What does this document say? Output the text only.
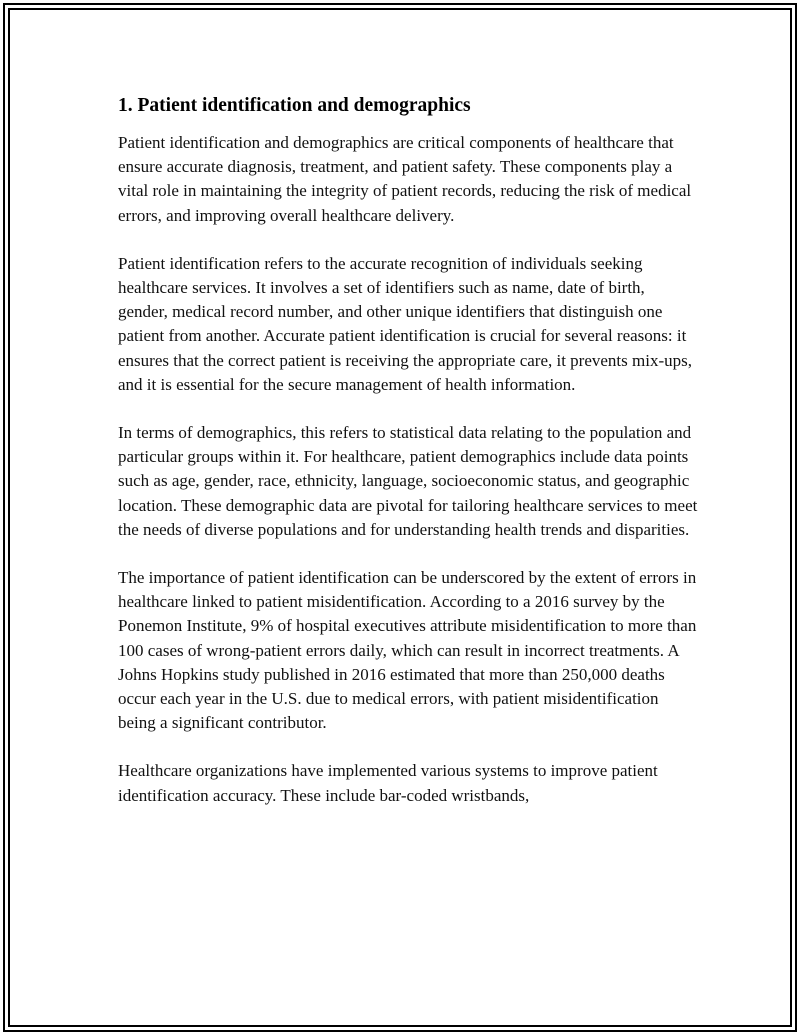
1. Patient identification and demographics

Patient identification and demographics are critical components of healthcare that ensure accurate diagnosis, treatment, and patient safety. These components play a vital role in maintaining the integrity of patient records, reducing the risk of medical errors, and improving overall healthcare delivery.

Patient identification refers to the accurate recognition of individuals seeking healthcare services. It involves a set of identifiers such as name, date of birth, gender, medical record number, and other unique identifiers that distinguish one patient from another. Accurate patient identification is crucial for several reasons: it ensures that the correct patient is receiving the appropriate care, it prevents mix-ups, and it is essential for the secure management of health information.

In terms of demographics, this refers to statistical data relating to the population and particular groups within it. For healthcare, patient demographics include data points such as age, gender, race, ethnicity, language, socioeconomic status, and geographic location. These demographic data are pivotal for tailoring healthcare services to meet the needs of diverse populations and for understanding health trends and disparities.

The importance of patient identification can be underscored by the extent of errors in healthcare linked to patient misidentification. According to a 2016 survey by the Ponemon Institute, 9% of hospital executives attribute misidentification to more than 100 cases of wrong-patient errors daily, which can result in incorrect treatments. A Johns Hopkins study published in 2016 estimated that more than 250,000 deaths occur each year in the U.S. due to medical errors, with patient misidentification being a significant contributor.

Healthcare organizations have implemented various systems to improve patient identification accuracy. These include bar-coded wristbands,
